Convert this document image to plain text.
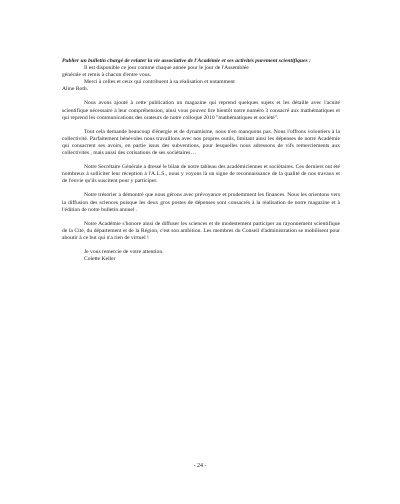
Publier un bulletin chargé de relater la vie associative de l'Académie et ses activités purement scientifiques :

Il est disponible ce jour comme chaque année pour le jour de l'Assemblée

générale et remis à chacun d'entre vous.

Merci à celles et ceux qui contribuent à sa réalisation et notamment

Aline Roth.

Nous avons ajouté à cette publication un magazine qui reprend quelques sujets et les détaille avec l'acuité scientifique nécessaire à leur compréhension, ainsi vous pouvez lire bientôt notre numéro 3 consacré aux mathématiques et qui reprend les communications des orateurs de notre colloque 2010 "mathématiques et société".

Tout cela demande beaucoup d'énergie et de dynamisme, nous n'en manquons pas. Nous l'offrons volontiers à la collectivité. Parfaitement bénévoles nous travaillons avec nos propres outils, limitant ainsi les dépenses de notre Académie qui consacrent ses avoirs, en partie issus des subventions, pour lesquelles nous adressons de vifs remerciements aux collectivités , mais aussi des cotisations de ses sociétaires…

Notre Secrétaire Générale a dressé le bilan de notre tableau des académiciennes et sociétaires. Ces derniers ont été nombreux à solliciter leur réception à l'A.L.S., nous y voyons là un signe de reconnaissance de la qualité de nos travaux et de l'envie qu'ils suscitent pour y participer.

Notre trésorier a démontré que nous gérons avec prévoyance et prudemment les finances. Nous les orientons vers la diffusion des sciences puisque les deux gros postes de dépenses sont consacrés à la réalisation de notre magazine et à l'édition de notre bulletin annuel .

Notre Académie s'honore ainsi de diffuser les sciences et de modestement participer au rayonnement scientifique de la Cité, du département et de la Région, c'est son ambition. Les membres du Conseil d'administration se mobilisent pour aboutir à ce but qui n'a rien de virtuel !

Je vous remercie de votre attention.

Colette Keller

- 24 -
